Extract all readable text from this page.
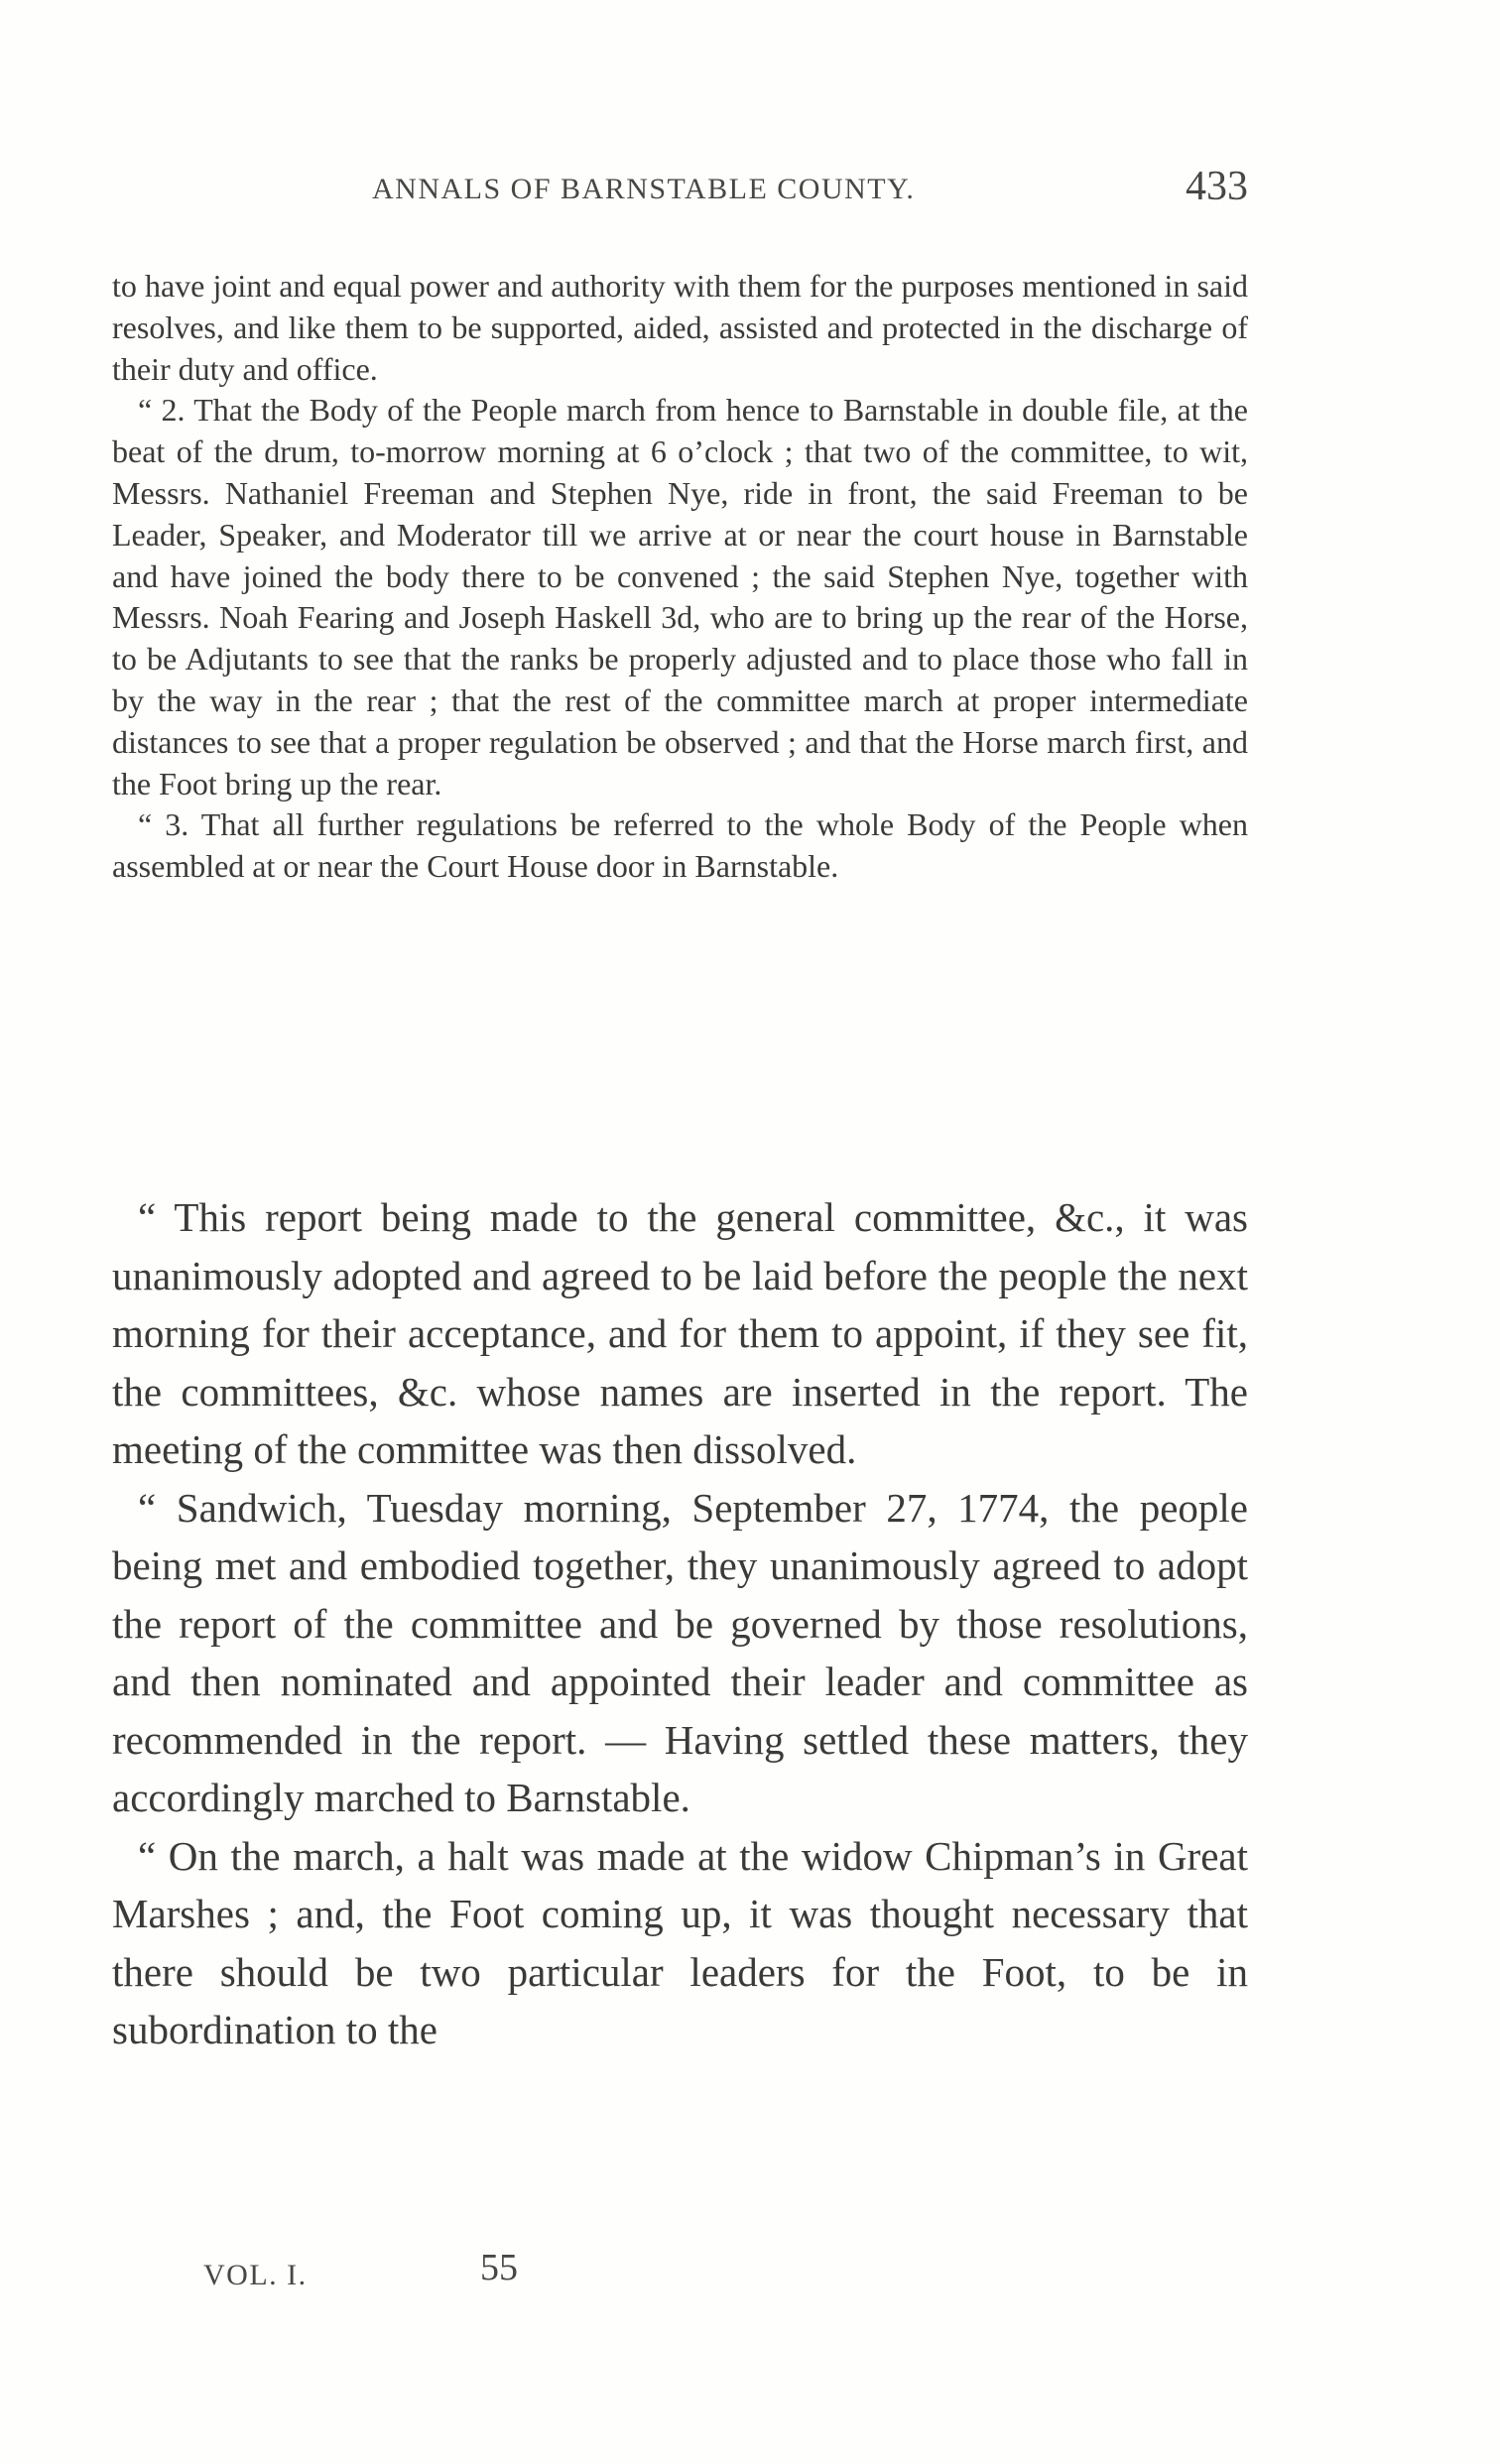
ANNALS OF BARNSTABLE COUNTY.	433

to have joint and equal power and authority with them for the purposes mentioned in said resolves, and like them to be supported, aided, assisted and protected in the discharge of their duty and office.

“ 2. That the Body of the People march from hence to Barnstable in double file, at the beat of the drum, to-morrow morning at 6 o’clock ; that two of the committee, to wit, Messrs. Nathaniel Freeman and Stephen Nye, ride in front, the said Freeman to be Leader, Speaker, and Moderator till we arrive at or near the court house in Barnstable and have joined the body there to be convened ; the said Stephen Nye, together with Messrs. Noah Fearing and Joseph Haskell 3d, who are to bring up the rear of the Horse, to be Adjutants to see that the ranks be properly adjusted and to place those who fall in by the way in the rear ; that the rest of the committee march at proper intermediate distances to see that a proper regulation be observed ; and that the Horse march first, and the Foot bring up the rear.

“ 3. That all further regulations be referred to the whole Body of the People when assembled at or near the Court House door in Barnstable.

“ This report being made to the general committee, &c., it was unanimously adopted and agreed to be laid before the people the next morning for their acceptance, and for them to appoint, if they see fit, the committees, &c. whose names are inserted in the report. The meeting of the committee was then dissolved.

“ Sandwich, Tuesday morning, September 27, 1774, the people being met and embodied together, they unanimously agreed to adopt the report of the committee and be governed by those resolutions, and then nominated and appointed their leader and committee as recommended in the report. — Having settled these matters, they accordingly marched to Barnstable.

“ On the march, a halt was made at the widow Chipman’s in Great Marshes ; and, the Foot coming up, it was thought necessary that there should be two particular leaders for the Foot, to be in subordination to the

VOL. I.	55
